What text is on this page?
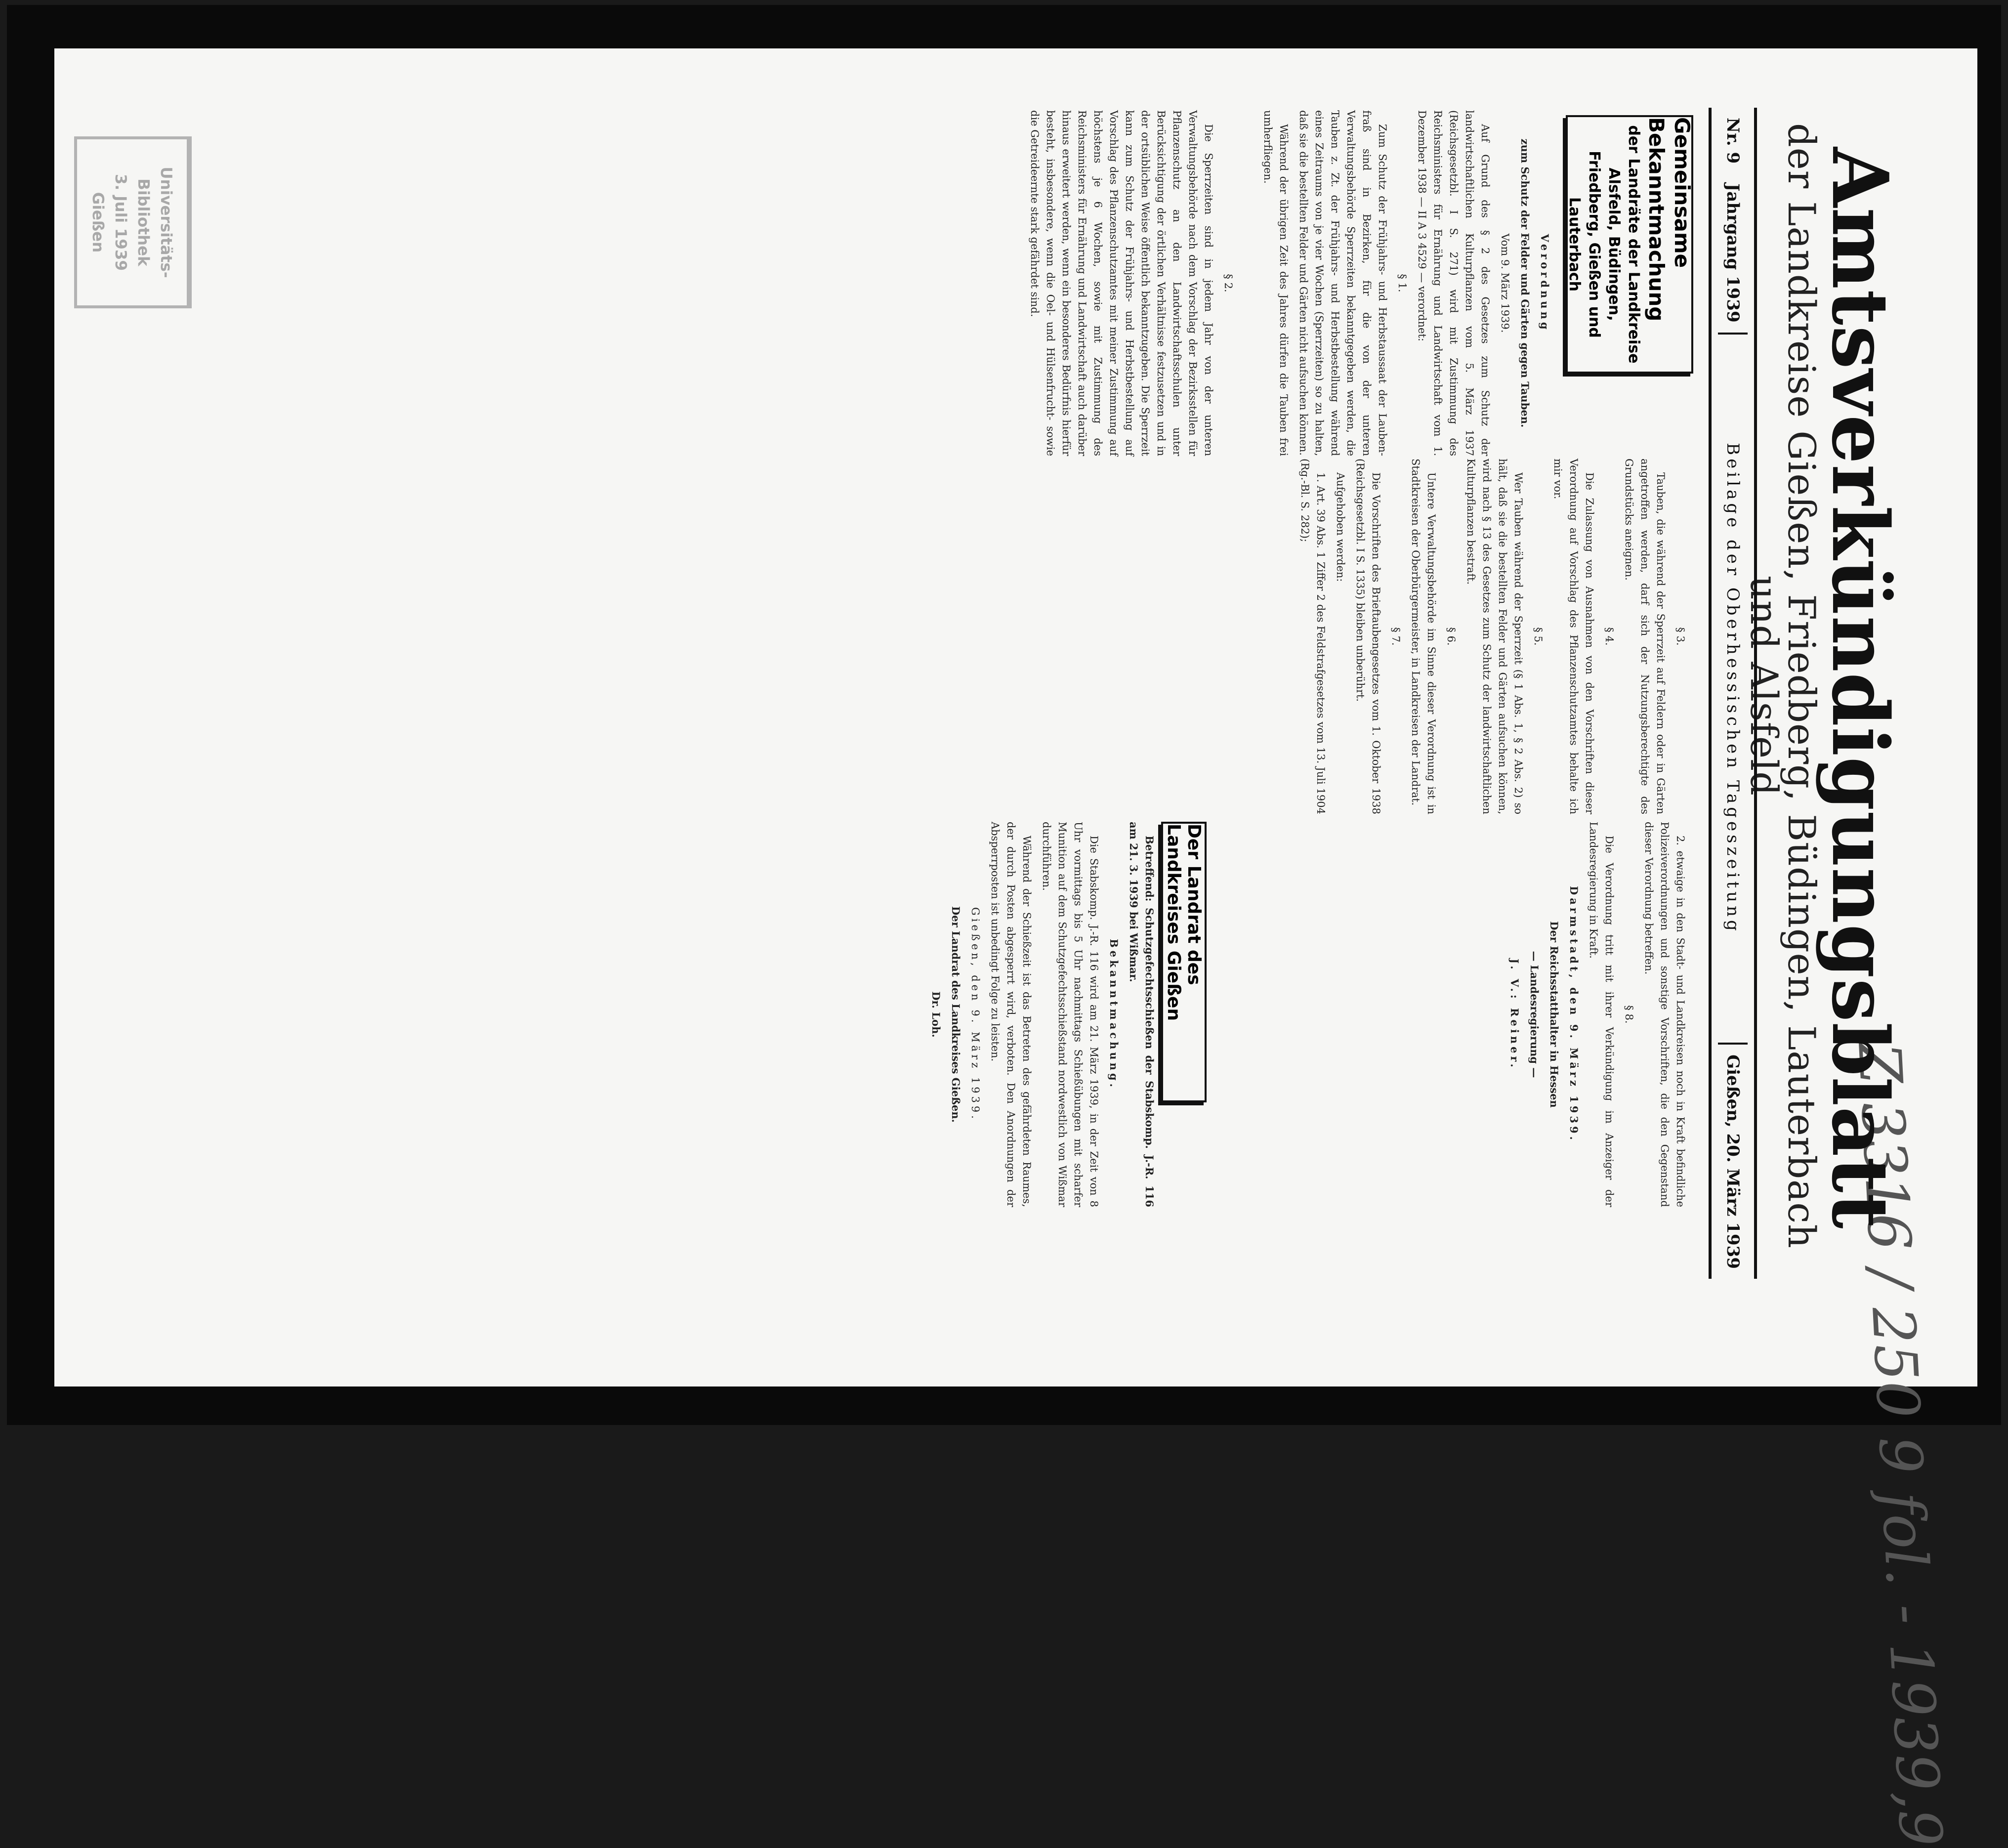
Universitäts-
Bibliothek
3. Juli 1939
Gießen
Z 3316 / 250 9 fol. - 1939,9
Amtsverkündigungsblatt
der Landkreise Gießen, Friedberg, Büdingen, Lauterbach und Alsfeld
Nr. 9
Jahrgang 1939
Beilage der Oberhessischen Tageszeitung
Gießen, 20. März 1939
Gemeinsame Bekanntmachung
der Landräte der Landkreise Alsfeld, Büdingen,
Friedberg, Gießen und Lauterbach

Verordnung

zum Schutz der Felder und Gärten gegen Tauben.

Vom 9. März 1939.

Auf Grund des § 2 des Gesetzes zum Schutz der landwirtschaftlichen Kulturpflanzen vom 5. März 1937 (Reichsgesetzbl. I S. 271) wird mit Zustimmung des Reichsministers für Ernährung und Landwirtschaft vom 1. Dezember 1938 — II A 3 4529 — verordnet:

§ 1.

Zum Schutz der Frühjahrs- und Herbstaussaat der Lauben-fraß sind in Bezirken, für die von der unteren Verwaltungsbehörde Sperrzeiten bekanntgegeben werden, die Tauben z. Zt. der Frühjahrs- und Herbstbestellung während eines Zeitraums von je vier Wochen (Sperrzeiten) so zu halten, daß sie die bestellten Felder und Gärten nicht aufsuchen können.

Während der übrigen Zeit des Jahres dürfen die Tauben frei umherfliegen.

§ 2.

Die Sperrzeiten sind in jedem Jahr von der unteren Verwaltungsbehörde nach dem Vorschlag der Bezirksstellen für Pflanzenschutz an den Landwirtschaftsschulen unter Berücksichtigung der örtlichen Verhältnisse festzusetzen und in der ortsüblichen Weise öffentlich bekanntzugeben. Die Sperrzeit kann zum Schutz der Frühjahrs- und Herbstbestellung auf Vorschlag des Pflanzenschutzamtes mit meiner Zustimmung auf höchstens je 6 Wochen, sowie mit Zustimmung des Reichsministers für Ernährung und Landwirtschaft auch darüber hinaus erweitert werden, wenn ein besonderes Bedürfnis hierfür besteht, insbesondere, wenn die Oel- und Hülsenfrucht- sowie die Getreideernte stark gefährdet sind.

§ 3.

Tauben, die während der Sperrzeit auf Feldern oder in Gärten angetroffen werden, darf sich der Nutzungsberechtigte des Grundstücks aneignen.

§ 4.

Die Zulassung von Ausnahmen von den Vorschriften dieser Verordnung auf Vorschlag des Pflanzenschutzamtes behalte ich mir vor.

§ 5.

Wer Tauben während der Sperrzeit (§ 1 Abs. 1, § 2 Abs. 2) so hält, daß sie die bestellten Felder und Gärten aufsuchen können, wird nach § 13 des Gesetzes zum Schutz der landwirtschaftlichen Kulturpflanzen bestraft.

§ 6.

Untere Verwaltungsbehörde im Sinne dieser Verordnung ist in Stadtkreisen der Oberbürgermeister, in Landkreisen der Landrat.

§ 7.

Die Vorschriften des Brieftaubengesetzes vom 1. Oktober 1938 (Reichsgesetzbl. I S. 1335) bleiben unberührt.

Aufgehoben werden:

1. Art. 39 Abs. 1 Ziffer 2 des Feldstrafgesetzes vom 13. Juli 1904 (Rg.-Bl. S. 282);

2. etwaige in den Stadt- und Landkreisen noch in Kraft befindliche Polizeiverordnungen und sonstige Vorschriften, die den Gegenstand dieser Verordnung betreffen.

§ 8.

Die Verordnung tritt mit ihrer Verkündigung im Anzeiger der Landesregierung in Kraft.

Darmstadt, den 9. März 1939.

Der Reichsstatthalter in Hessen

— Landesregierung —

J. V.: Reiner.

Der Landrat des Landkreises Gießen

Betreffend: Schutzgefechtsschießen der Stabskomp. J.-R. 116 am 21. 3. 1939 bei Wißmar.

Bekanntmachung.

Die Stabskomp. J.-R. 116 wird am 21. März 1939, in der Zeit von 8 Uhr vormittags bis 5 Uhr nachmittags Schießübungen mit scharfer Munition auf dem Schutzgefechtsschießstand nordwestlich von Wißmar durchführen.

Während der Schießzeit ist das Betreten des gefährdeten Raumes, der durch Posten abgesperrt wird, verboten. Den Anordnungen der Absperrposten ist unbedingt Folge zu leisten.

Gießen, den 9. März 1939.

Der Landrat des Landkreises Gießen.

Dr. Loh.
